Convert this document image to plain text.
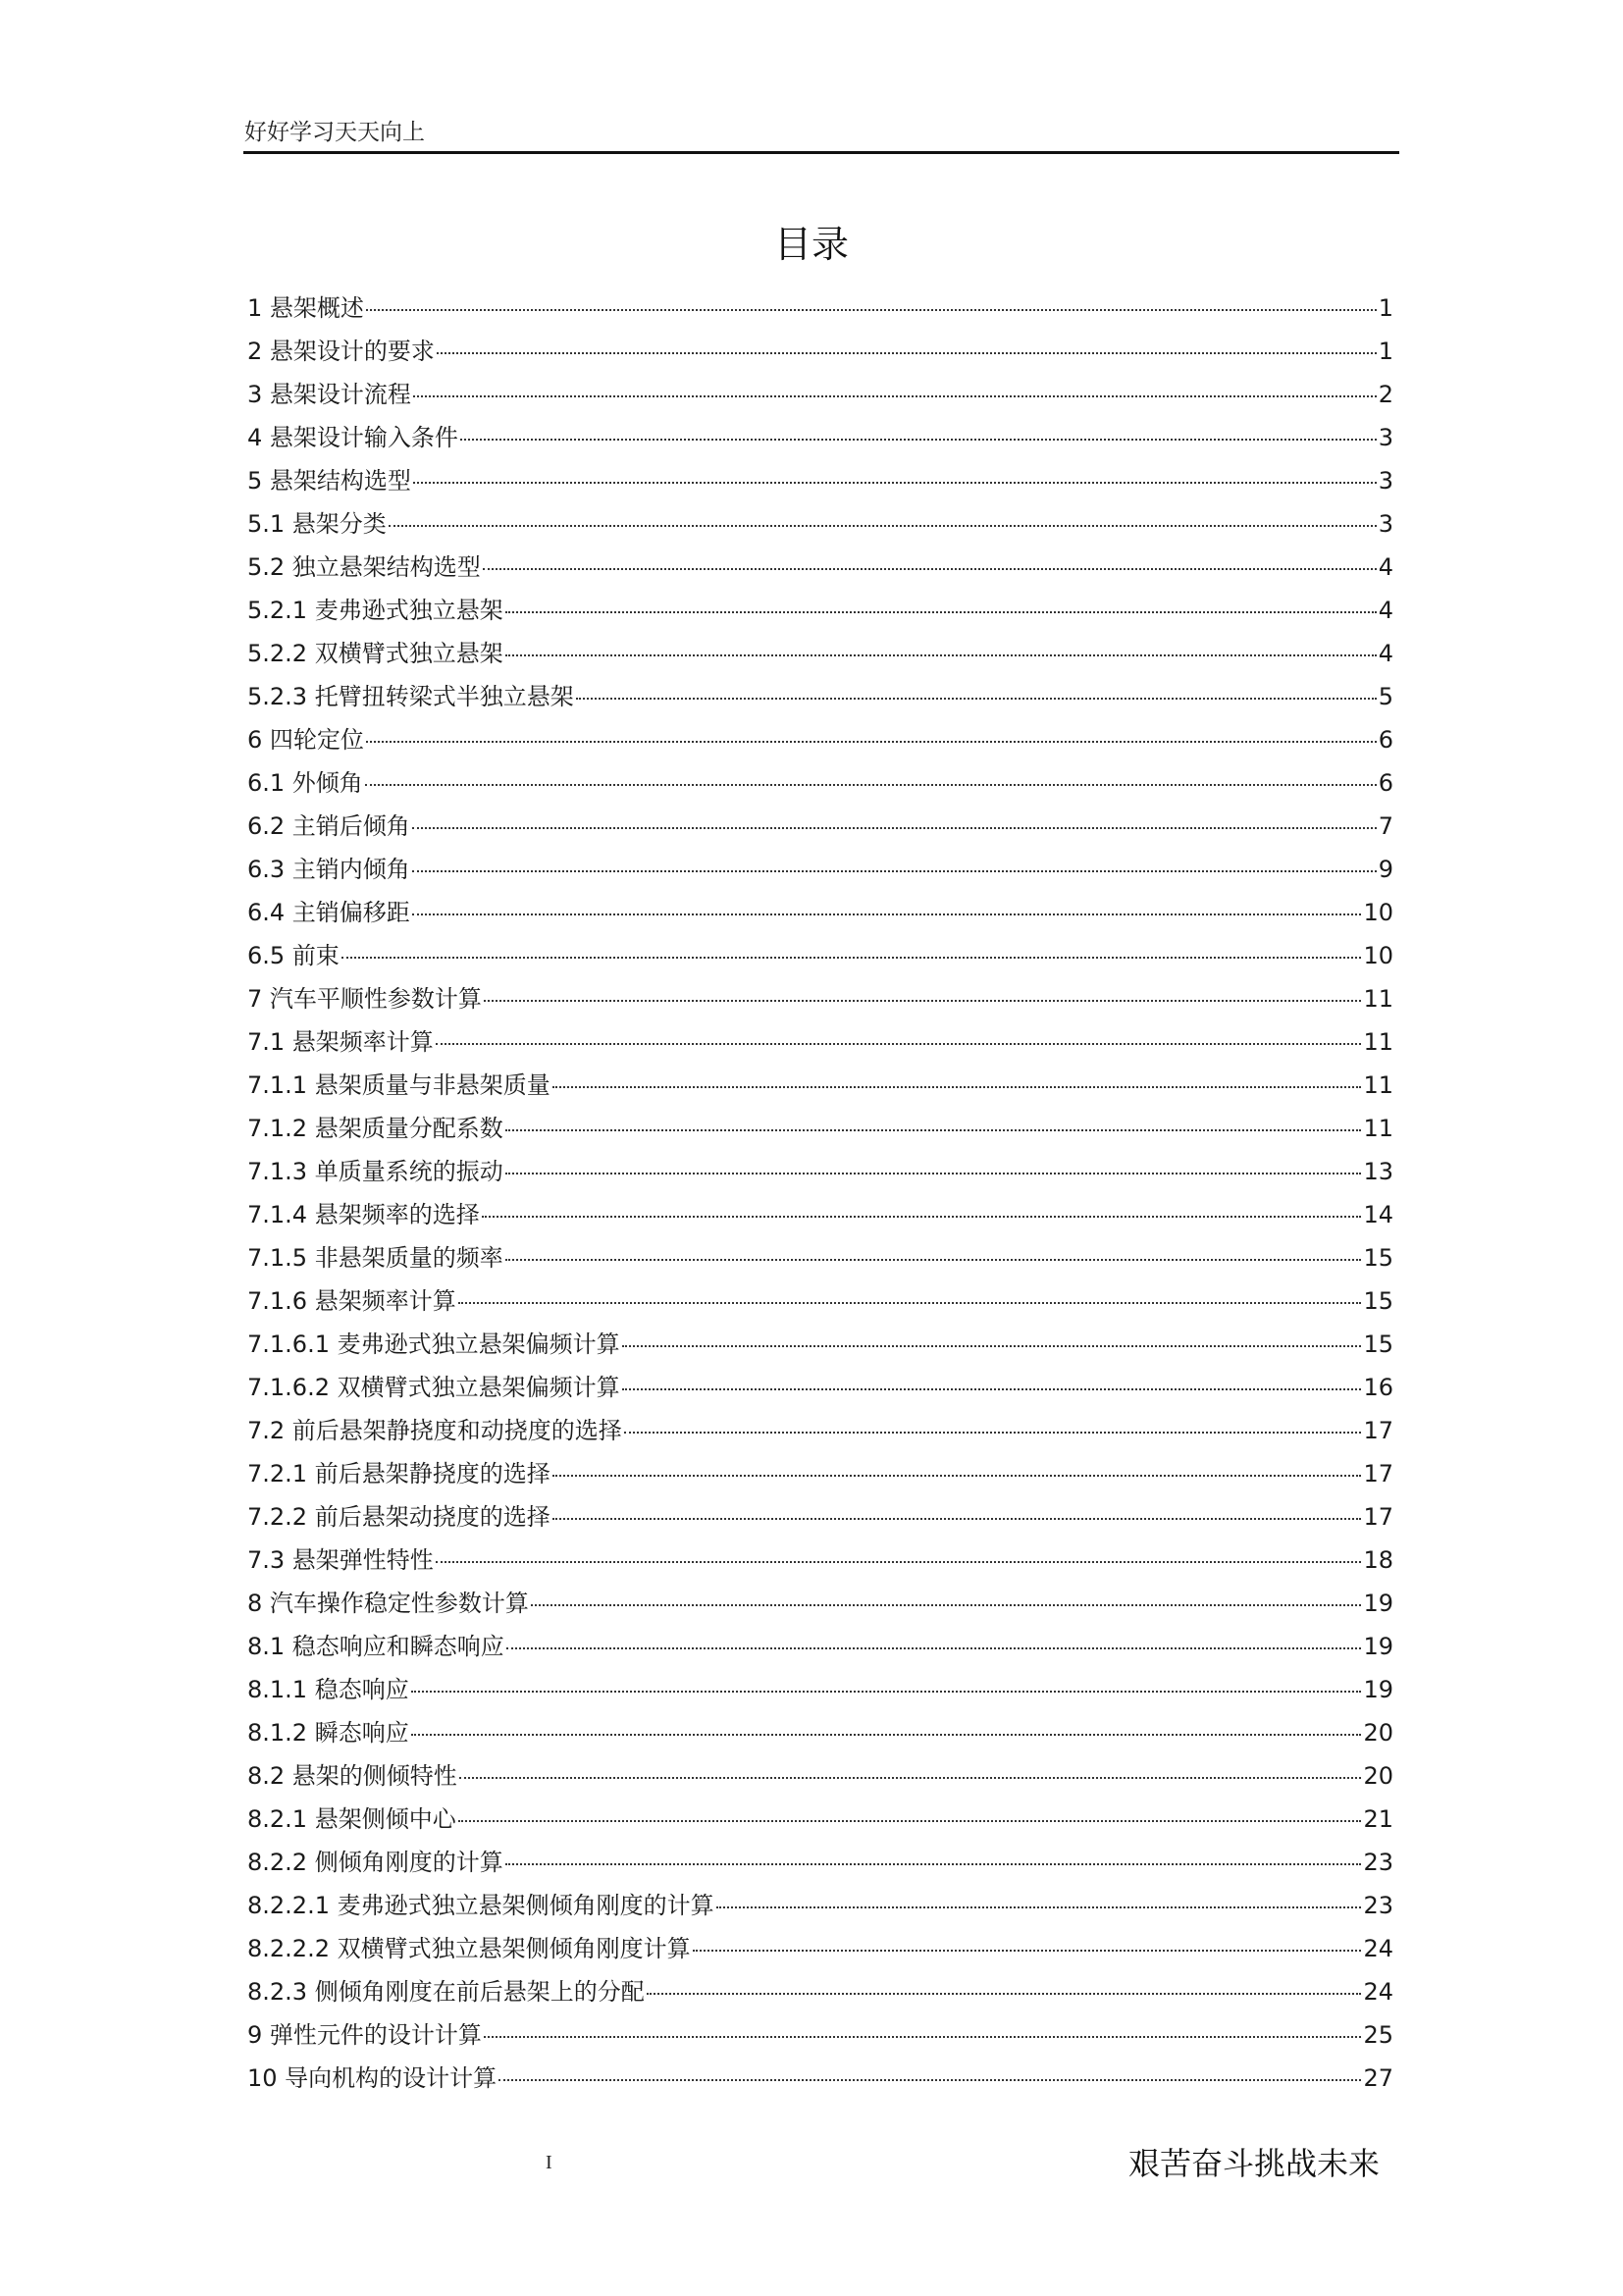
好好学习天天向上
目录
1 悬架概述	1
2 悬架设计的要求	1
3 悬架设计流程	2
4 悬架设计输入条件	3
5 悬架结构选型	3
5.1 悬架分类	3
5.2 独立悬架结构选型	4
5.2.1 麦弗逊式独立悬架	4
5.2.2 双横臂式独立悬架	4
5.2.3 托臂扭转梁式半独立悬架	5
6 四轮定位	6
6.1 外倾角	6
6.2 主销后倾角	7
6.3 主销内倾角	9
6.4 主销偏移距	10
6.5 前束	10
7 汽车平顺性参数计算	11
7.1 悬架频率计算	11
7.1.1 悬架质量与非悬架质量	11
7.1.2 悬架质量分配系数	11
7.1.3 单质量系统的振动	13
7.1.4 悬架频率的选择	14
7.1.5 非悬架质量的频率	15
7.1.6 悬架频率计算	15
7.1.6.1 麦弗逊式独立悬架偏频计算	15
7.1.6.2 双横臂式独立悬架偏频计算	16
7.2 前后悬架静挠度和动挠度的选择	17
7.2.1 前后悬架静挠度的选择	17
7.2.2 前后悬架动挠度的选择	17
7.3 悬架弹性特性	18
8 汽车操作稳定性参数计算	19
8.1 稳态响应和瞬态响应	19
8.1.1 稳态响应	19
8.1.2 瞬态响应	20
8.2 悬架的侧倾特性	20
8.2.1 悬架侧倾中心	21
8.2.2 侧倾角刚度的计算	23
8.2.2.1 麦弗逊式独立悬架侧倾角刚度的计算	23
8.2.2.2 双横臂式独立悬架侧倾角刚度计算	24
8.2.3 侧倾角刚度在前后悬架上的分配	24
9 弹性元件的设计计算	25
10 导向机构的设计计算	27
I	艰苦奋斗挑战未来
